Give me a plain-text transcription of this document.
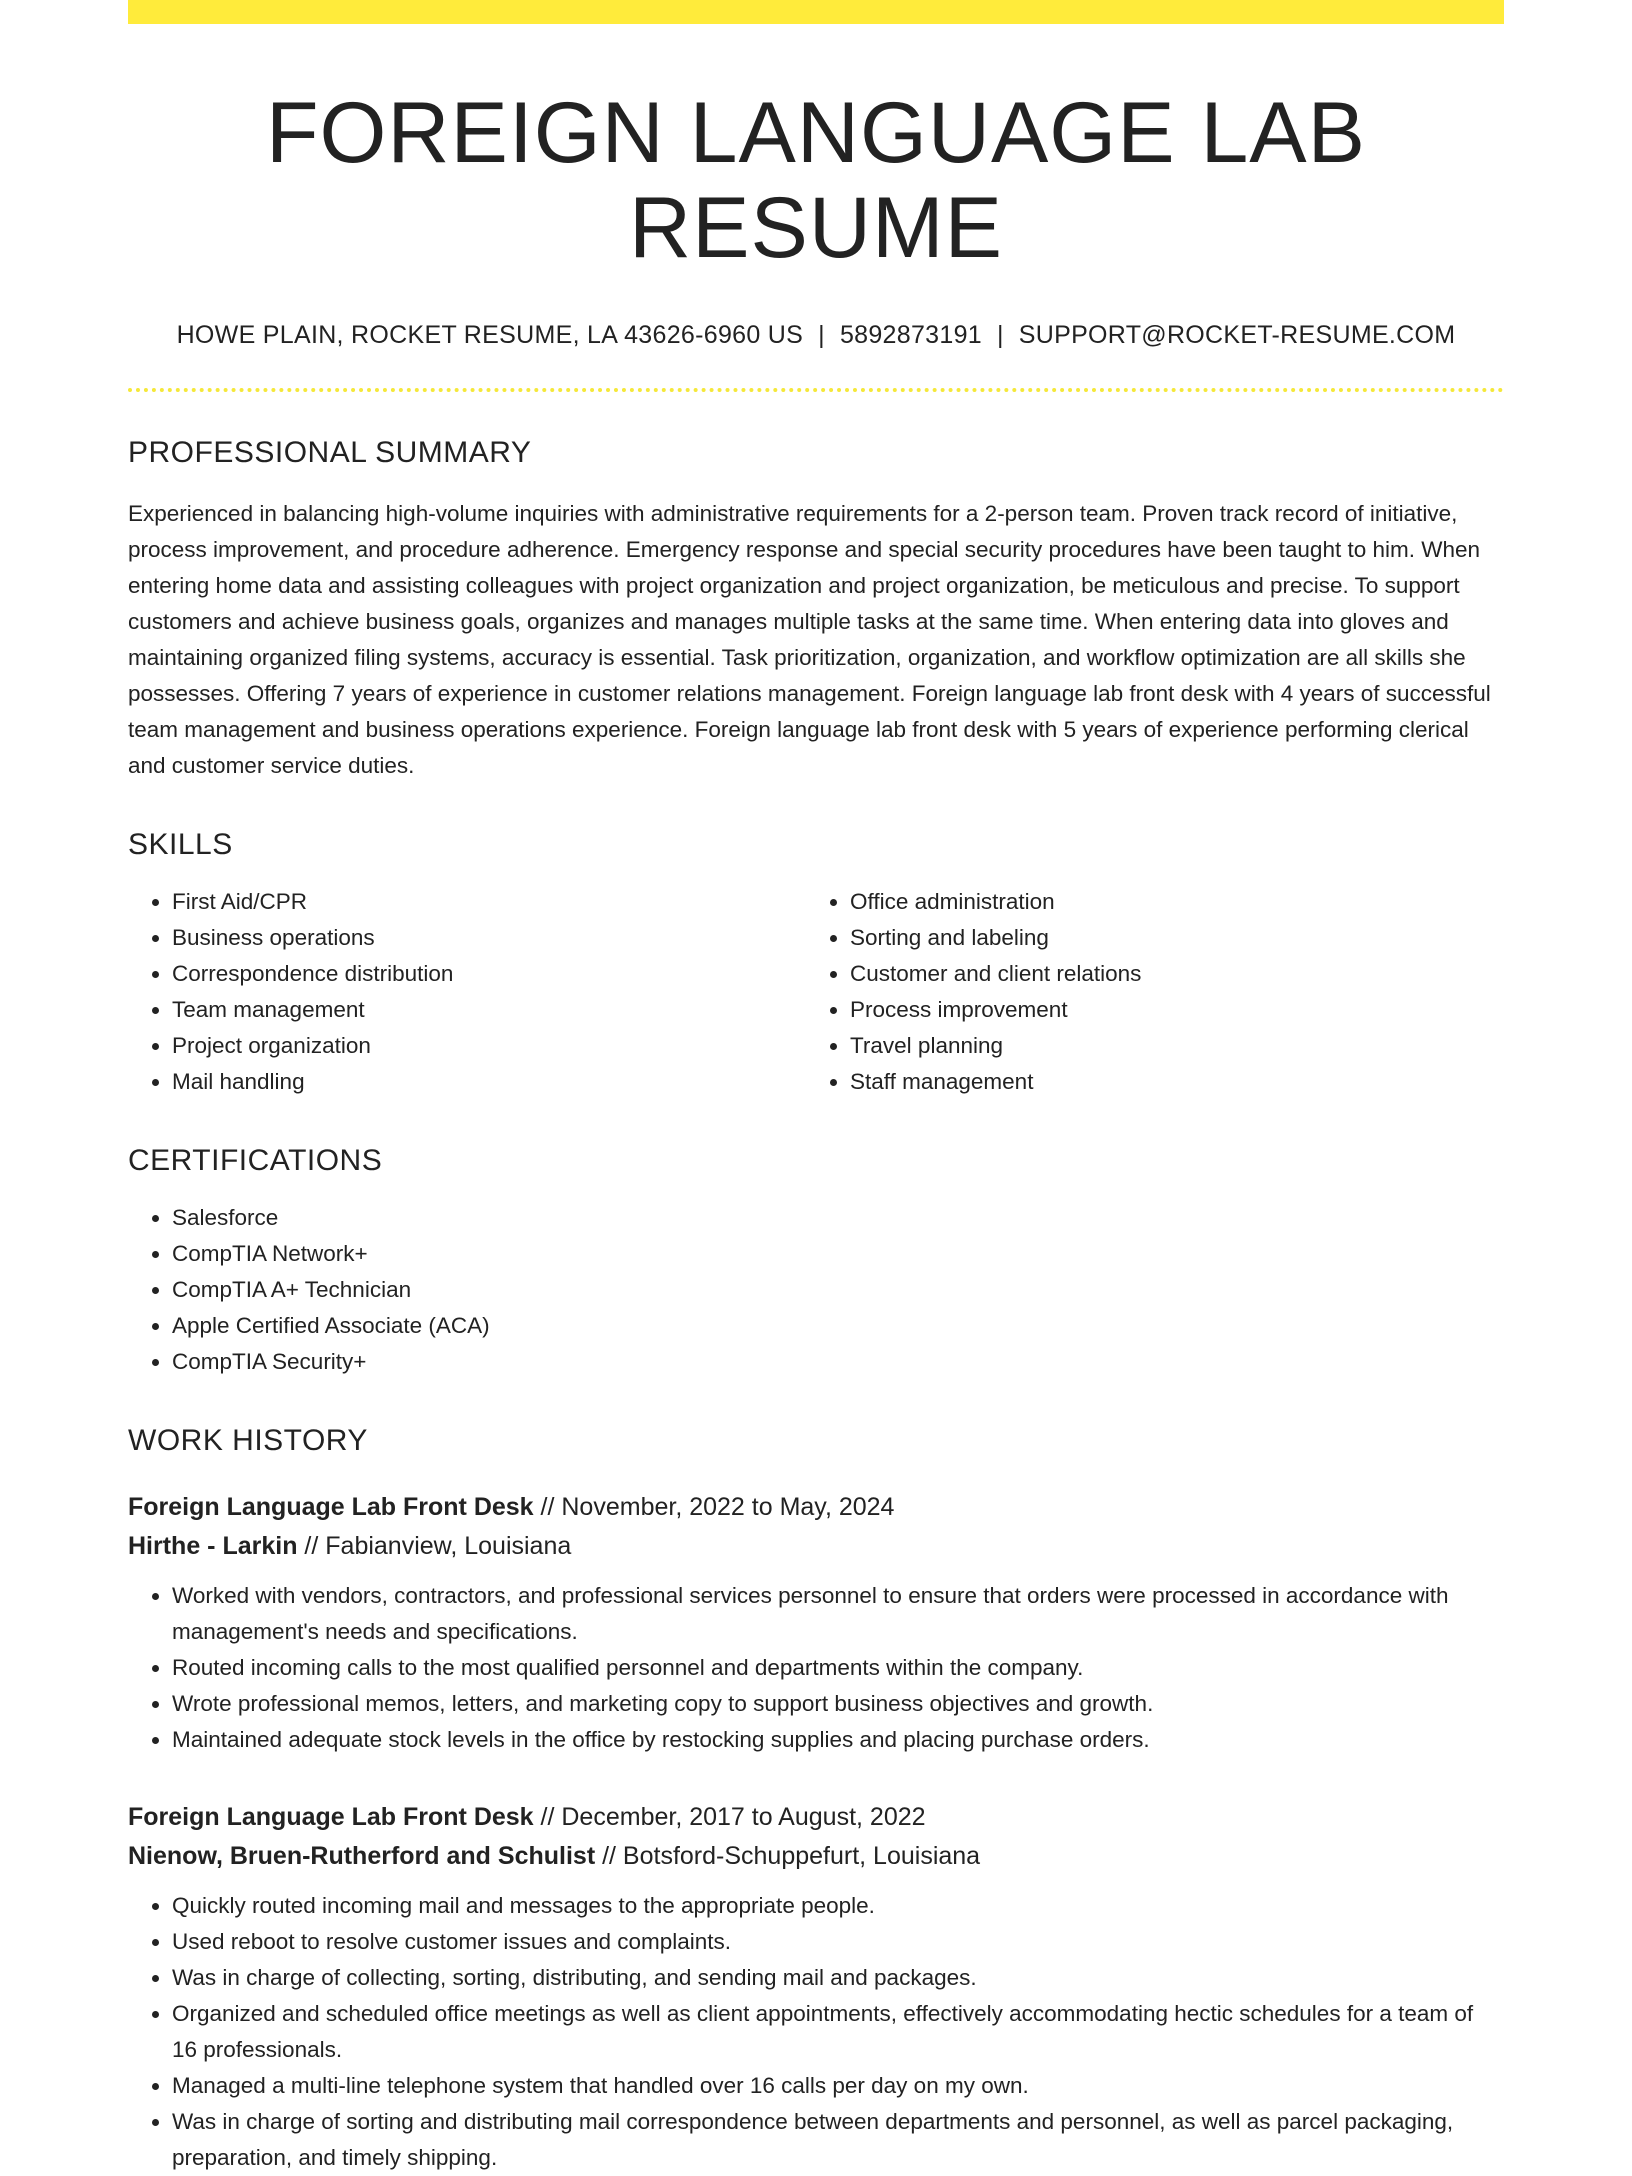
FOREIGN LANGUAGE LAB RESUME
HOWE PLAIN, ROCKET RESUME, LA 43626-6960 US | 5892873191 | SUPPORT@ROCKET-RESUME.COM
PROFESSIONAL SUMMARY

Experienced in balancing high-volume inquiries with administrative requirements for a 2-person team. Proven track record of initiative, process improvement, and procedure adherence. Emergency response and special security procedures have been taught to him. When entering home data and assisting colleagues with project organization and project organization, be meticulous and precise. To support customers and achieve business goals, organizes and manages multiple tasks at the same time. When entering data into gloves and maintaining organized filing systems, accuracy is essential. Task prioritization, organization, and workflow optimization are all skills she possesses. Offering 7 years of experience in customer relations management. Foreign language lab front desk with 4 years of successful team management and business operations experience. Foreign language lab front desk with 5 years of experience performing clerical and customer service duties.

SKILLS
• First Aid/CPR
• Business operations
• Correspondence distribution
• Team management
• Project organization
• Mail handling
• Office administration
• Sorting and labeling
• Customer and client relations
• Process improvement
• Travel planning
• Staff management
CERTIFICATIONS
• Salesforce
• CompTIA Network+
• CompTIA A+ Technician
• Apple Certified Associate (ACA)
• CompTIA Security+
WORK HISTORY
Foreign Language Lab Front Desk // November, 2022 to May, 2024
Hirthe - Larkin // Fabianview, Louisiana
• Worked with vendors, contractors, and professional services personnel to ensure that orders were processed in accordance with management's needs and specifications.
• Routed incoming calls to the most qualified personnel and departments within the company.
• Wrote professional memos, letters, and marketing copy to support business objectives and growth.
• Maintained adequate stock levels in the office by restocking supplies and placing purchase orders.
Foreign Language Lab Front Desk // December, 2017 to August, 2022
Nienow, Bruen-Rutherford and Schulist // Botsford-Schuppefurt, Louisiana
• Quickly routed incoming mail and messages to the appropriate people.
• Used reboot to resolve customer issues and complaints.
• Was in charge of collecting, sorting, distributing, and sending mail and packages.
• Organized and scheduled office meetings as well as client appointments, effectively accommodating hectic schedules for a team of 16 professionals.
• Managed a multi-line telephone system that handled over 16 calls per day on my own.
• Was in charge of sorting and distributing mail correspondence between departments and personnel, as well as parcel packaging, preparation, and timely shipping.
